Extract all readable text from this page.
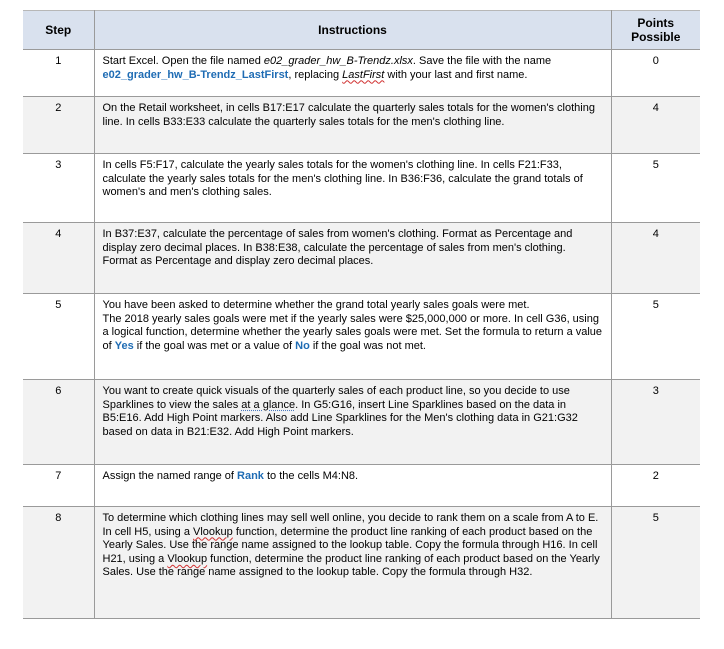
Step	Instructions	Points Possible
1	Start Excel. Open the file named e02_grader_hw_B-Trendz.xlsx. Save the file with the name e02_grader_hw_B-Trendz_LastFirst, replacing LastFirst with your last and first name.	0
2	On the Retail worksheet, in cells B17:E17 calculate the quarterly sales totals for the women's clothing line. In cells B33:E33 calculate the quarterly sales totals for the men's clothing line.	4
3	In cells F5:F17, calculate the yearly sales totals for the women's clothing line. In cells F21:F33, calculate the yearly sales totals for the men's clothing line. In B36:F36, calculate the grand totals of women's and men's clothing sales.	5
4	In B37:E37, calculate the percentage of sales from women's clothing. Format as Percentage and display zero decimal places. In B38:E38, calculate the percentage of sales from men's clothing. Format as Percentage and display zero decimal places.	4
5	You have been asked to determine whether the grand total yearly sales goals were met.

The 2018 yearly sales goals were met if the yearly sales were $25,000,000 or more. In cell G36, using a logical function, determine whether the yearly sales goals were met. Set the formula to return a value of Yes if the goal was met or a value of No if the goal was not met.	5
6	You want to create quick visuals of the quarterly sales of each product line, so you decide to use Sparklines to view the sales at a glance. In G5:G16, insert Line Sparklines based on the data in B5:E16. Add High Point markers. Also add Line Sparklines for the Men's clothing data in G21:G32 based on data in B21:E32. Add High Point markers.	3
7	Assign the named range of Rank to the cells M4:N8.	2
8	To determine which clothing lines may sell well online, you decide to rank them on a scale from A to E. In cell H5, using a Vlookup function, determine the product line ranking of each product based on the Yearly Sales. Use the range name assigned to the lookup table. Copy the formula through H16. In cell H21, using a Vlookup function, determine the product line ranking of each product based on the Yearly Sales. Use the range name assigned to the lookup table. Copy the formula through H32.	5
